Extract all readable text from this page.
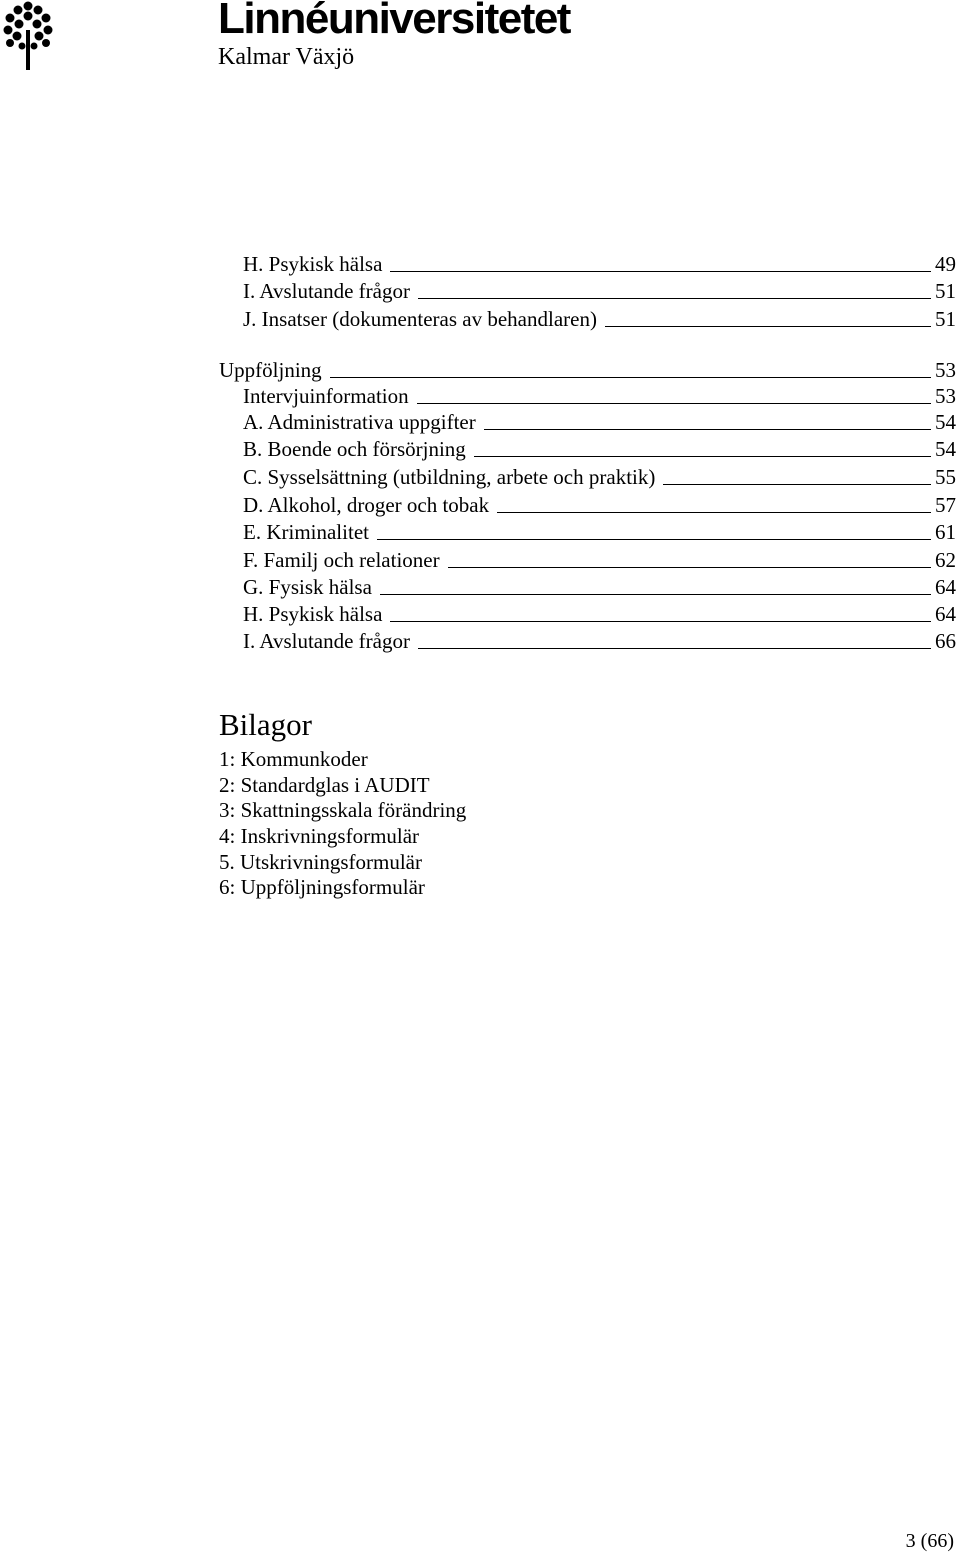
Linnéuniversitetet
Kalmar Växjö
H. Psykisk hälsa	49
I. Avslutande frågor	51
J. Insatser (dokumenteras av behandlaren)	51
Uppföljning	53
Intervjuinformation	53
A. Administrativa uppgifter	54
B. Boende och försörjning	54
C. Sysselsättning (utbildning, arbete och praktik)	55
D. Alkohol, droger och tobak	57
E. Kriminalitet	61
F. Familj och relationer	62
G. Fysisk hälsa	64
H. Psykisk hälsa	64
I. Avslutande frågor	66
Bilagor
1: Kommunkoder
2: Standardglas i AUDIT
3: Skattningsskala förändring
4: Inskrivningsformulär
5. Utskrivningsformulär
6: Uppföljningsformulär
3 (66)
